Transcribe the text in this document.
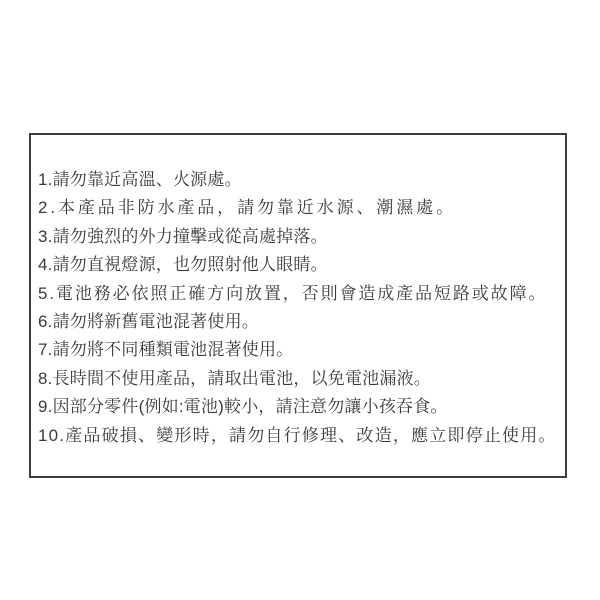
1.請勿靠近高溫、火源處。
2.本產品非防水產品，請勿靠近水源、潮濕處。
3.請勿強烈的外力撞擊或從高處掉落。
4.請勿直視燈源，也勿照射他人眼睛。
5.電池務必依照正確方向放置，否則會造成產品短路或故障。
6.請勿將新舊電池混著使用。
7.請勿將不同種類電池混著使用。
8.長時間不使用產品，請取出電池，以免電池漏液。
9.因部分零件(例如:電池)較小，請注意勿讓小孩吞食。
10.產品破損、變形時，請勿自行修理、改造，應立即停止使用。
